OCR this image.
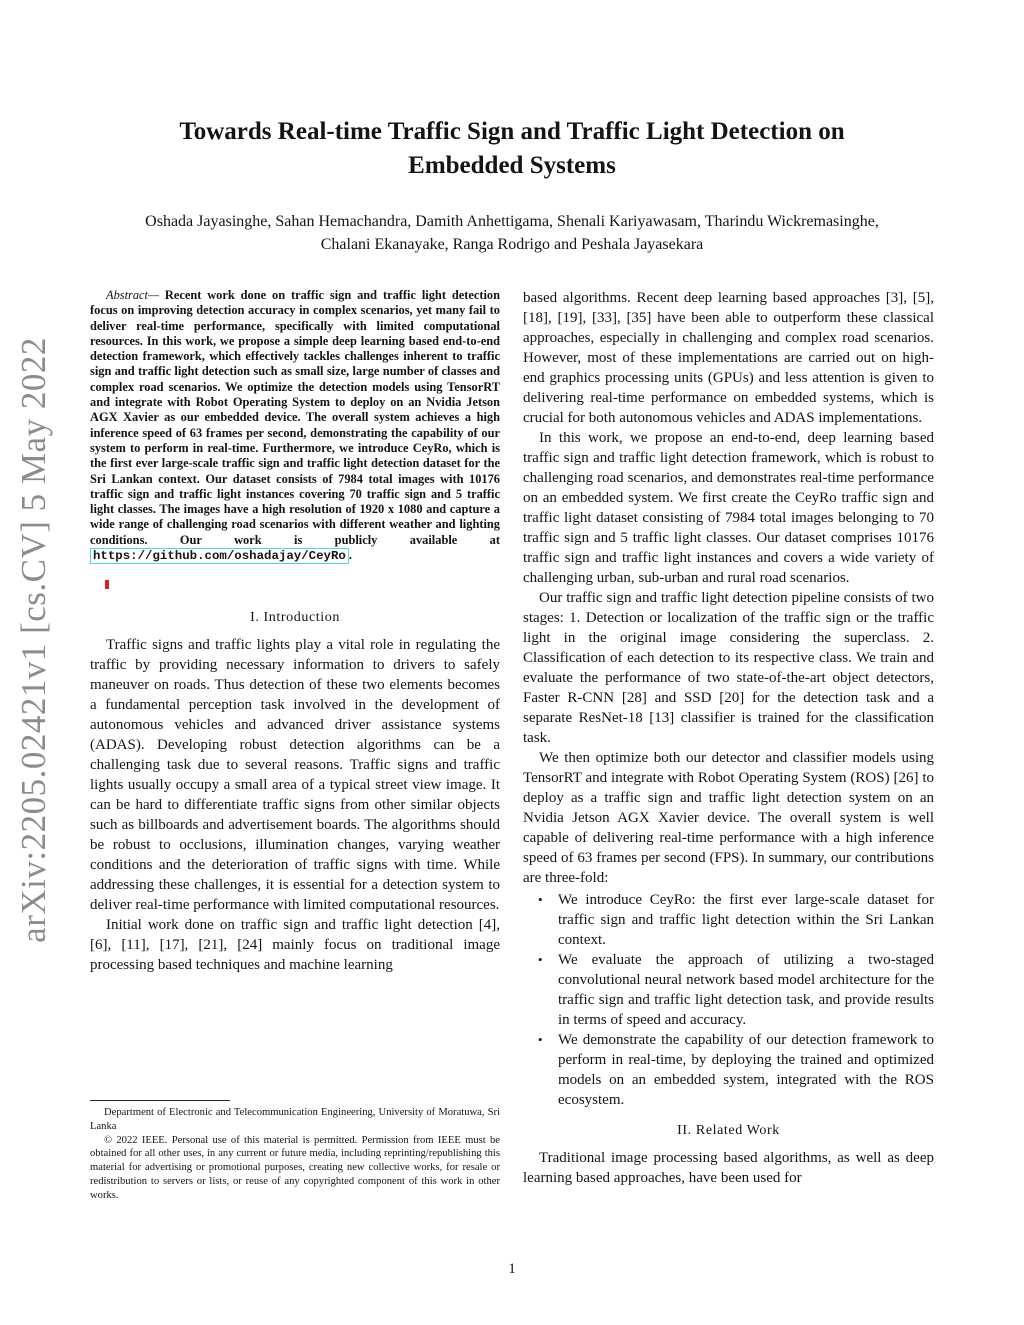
arXiv:2205.02421v1 [cs.CV] 5 May 2022
Towards Real-time Traffic Sign and Traffic Light Detection on Embedded Systems
Oshada Jayasinghe, Sahan Hemachandra, Damith Anhettigama, Shenali Kariyawasam, Tharindu Wickremasinghe, Chalani Ekanayake, Ranga Rodrigo and Peshala Jayasekara

Abstract— Recent work done on traffic sign and traffic light detection focus on improving detection accuracy in complex scenarios, yet many fail to deliver real-time performance, specifically with limited computational resources. In this work, we propose a simple deep learning based end-to-end detection framework, which effectively tackles challenges inherent to traffic sign and traffic light detection such as small size, large number of classes and complex road scenarios. We optimize the detection models using TensorRT and integrate with Robot Operating System to deploy on an Nvidia Jetson AGX Xavier as our embedded device. The overall system achieves a high inference speed of 63 frames per second, demonstrating the capability of our system to perform in real-time. Furthermore, we introduce CeyRo, which is the first ever large-scale traffic sign and traffic light detection dataset for the Sri Lankan context. Our dataset consists of 7984 total images with 10176 traffic sign and traffic light instances covering 70 traffic sign and 5 traffic light classes. The images have a high resolution of 1920 x 1080 and capture a wide range of challenging road scenarios with different weather and lighting conditions. Our work is publicly available at https://github.com/oshadajay/CeyRo .

I. Introduction

Traffic signs and traffic lights play a vital role in regulating the traffic by providing necessary information to drivers to safely maneuver on roads. Thus detection of these two elements becomes a fundamental perception task involved in the development of autonomous vehicles and advanced driver assistance systems (ADAS). Developing robust detection algorithms can be a challenging task due to several reasons. Traffic signs and traffic lights usually occupy a small area of a typical street view image. It can be hard to differentiate traffic signs from other similar objects such as billboards and advertisement boards. The algorithms should be robust to occlusions, illumination changes, varying weather conditions and the deterioration of traffic signs with time. While addressing these challenges, it is essential for a detection system to deliver real-time performance with limited computational resources.

Initial work done on traffic sign and traffic light detection [4], [6], [11], [17], [21], [24] mainly focus on traditional image processing based techniques and machine learning

Department of Electronic and Telecommunication Engineering, University of Moratuwa, Sri Lanka

© 2022 IEEE. Personal use of this material is permitted. Permission from IEEE must be obtained for all other uses, in any current or future media, including reprinting/republishing this material for advertising or promotional purposes, creating new collective works, for resale or redistribution to servers or lists, or reuse of any copyrighted component of this work in other works.

based algorithms. Recent deep learning based approaches [3], [5], [18], [19], [33], [35] have been able to outperform these classical approaches, especially in challenging and complex road scenarios. However, most of these implementations are carried out on high-end graphics processing units (GPUs) and less attention is given to delivering real-time performance on embedded systems, which is crucial for both autonomous vehicles and ADAS implementations.

In this work, we propose an end-to-end, deep learning based traffic sign and traffic light detection framework, which is robust to challenging road scenarios, and demonstrates real-time performance on an embedded system. We first create the CeyRo traffic sign and traffic light dataset consisting of 7984 total images belonging to 70 traffic sign and 5 traffic light classes. Our dataset comprises 10176 traffic sign and traffic light instances and covers a wide variety of challenging urban, sub-urban and rural road scenarios.

Our traffic sign and traffic light detection pipeline consists of two stages: 1. Detection or localization of the traffic sign or the traffic light in the original image considering the superclass. 2. Classification of each detection to its respective class. We train and evaluate the performance of two state-of-the-art object detectors, Faster R-CNN [28] and SSD [20] for the detection task and a separate ResNet-18 [13] classifier is trained for the classification task.

We then optimize both our detector and classifier models using TensorRT and integrate with Robot Operating System (ROS) [26] to deploy as a traffic sign and traffic light detection system on an Nvidia Jetson AGX Xavier device. The overall system is well capable of delivering real-time performance with a high inference speed of 63 frames per second (FPS). In summary, our contributions are three-fold:

• We introduce CeyRo: the first ever large-scale dataset for traffic sign and traffic light detection within the Sri Lankan context.
• We evaluate the approach of utilizing a two-staged convolutional neural network based model architecture for the traffic sign and traffic light detection task, and provide results in terms of speed and accuracy.
• We demonstrate the capability of our detection framework to perform in real-time, by deploying the trained and optimized models on an embedded system, integrated with the ROS ecosystem.
II. Related Work

Traditional image processing based algorithms, as well as deep learning based approaches, have been used for

1
